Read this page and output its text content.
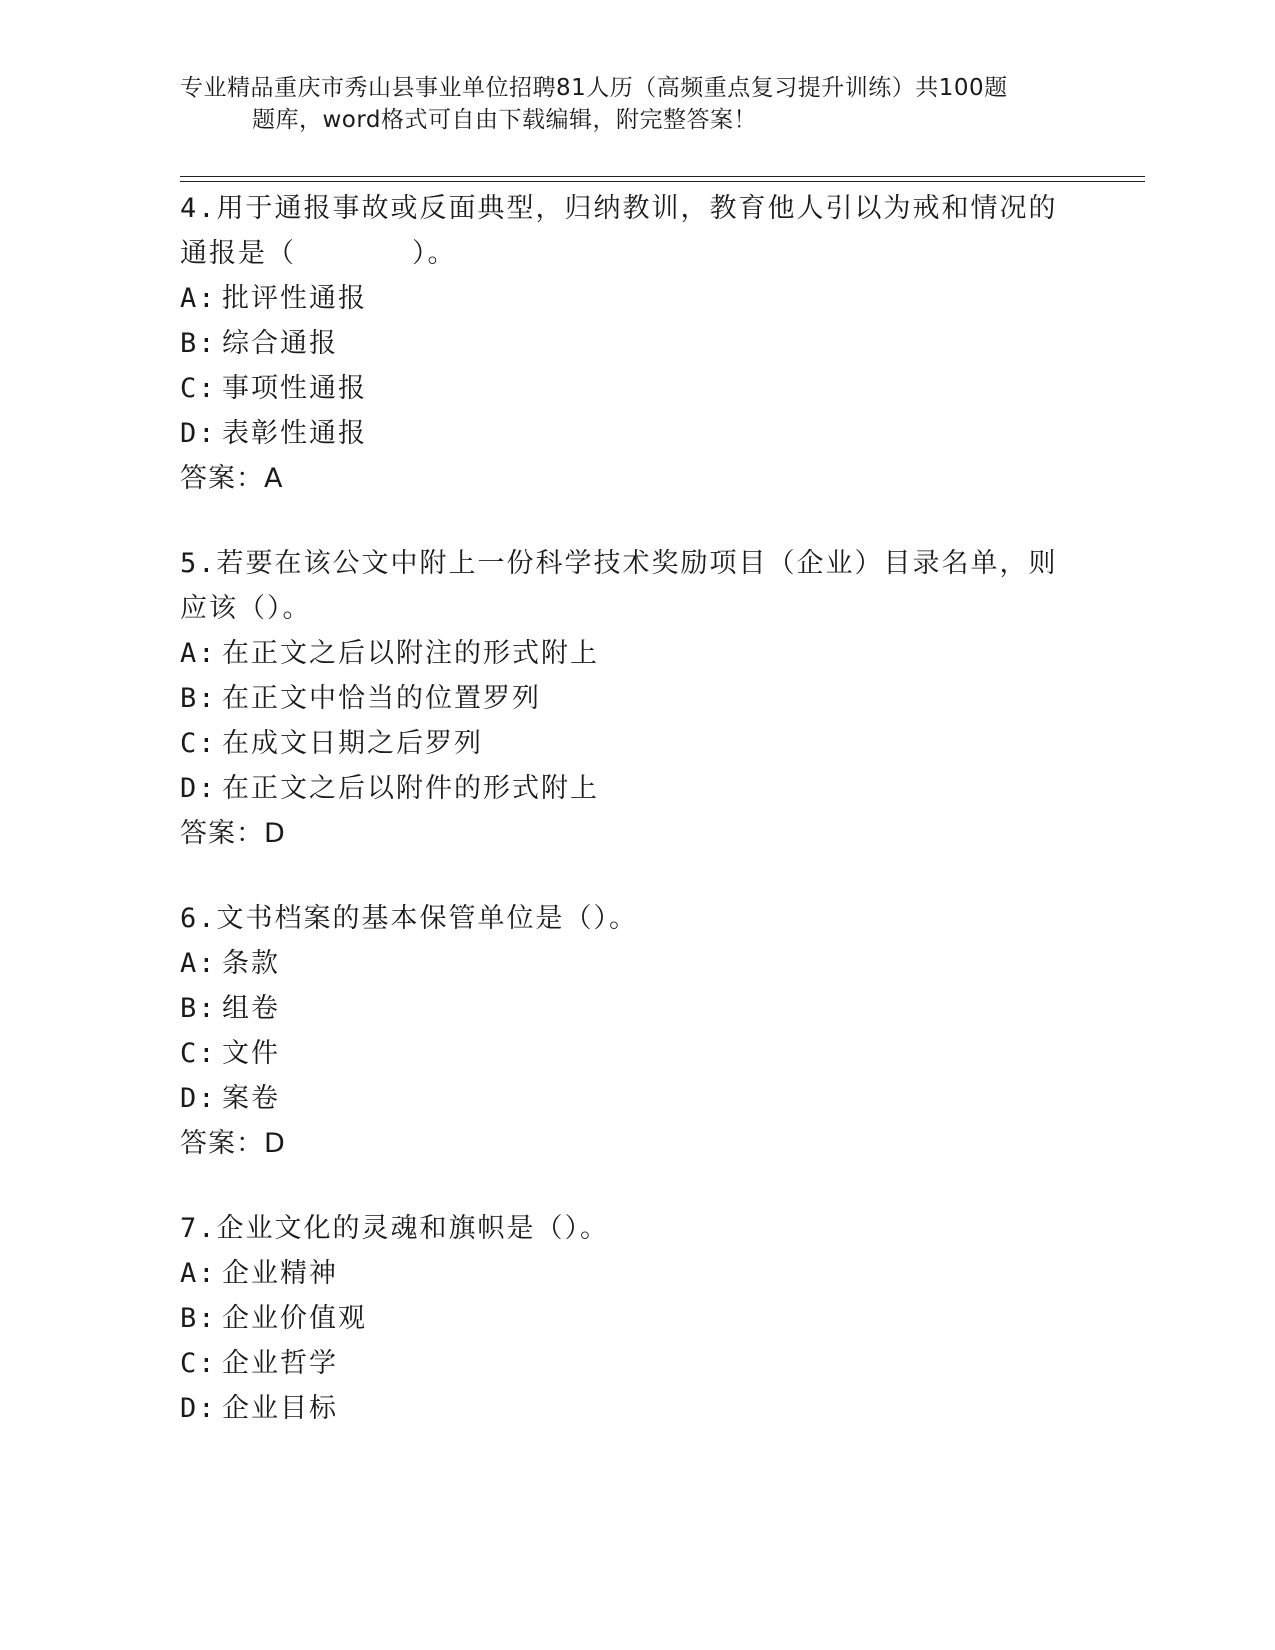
专业精品重庆市秀山县事业单位招聘81人历（高频重点复习提升训练）共100题
题库，word格式可自由下载编辑，附完整答案！

4.用于通报事故或反面典型，归纳教训，教育他人引以为戒和情况的通报是（　　　　）。

A: 批评性通报
B: 综合通报
C: 事项性通报
D: 表彰性通报
答案：A

5.若要在该公文中附上一份科学技术奖励项目（企业）目录名单，则应该（）。

A: 在正文之后以附注的形式附上
B: 在正文中恰当的位置罗列
C: 在成文日期之后罗列
D: 在正文之后以附件的形式附上
答案：D

6.文书档案的基本保管单位是（）。

A: 条款
B: 组卷
C: 文件
D: 案卷
答案：D

7.企业文化的灵魂和旗帜是（）。

A: 企业精神
B: 企业价值观
C: 企业哲学
D: 企业目标
